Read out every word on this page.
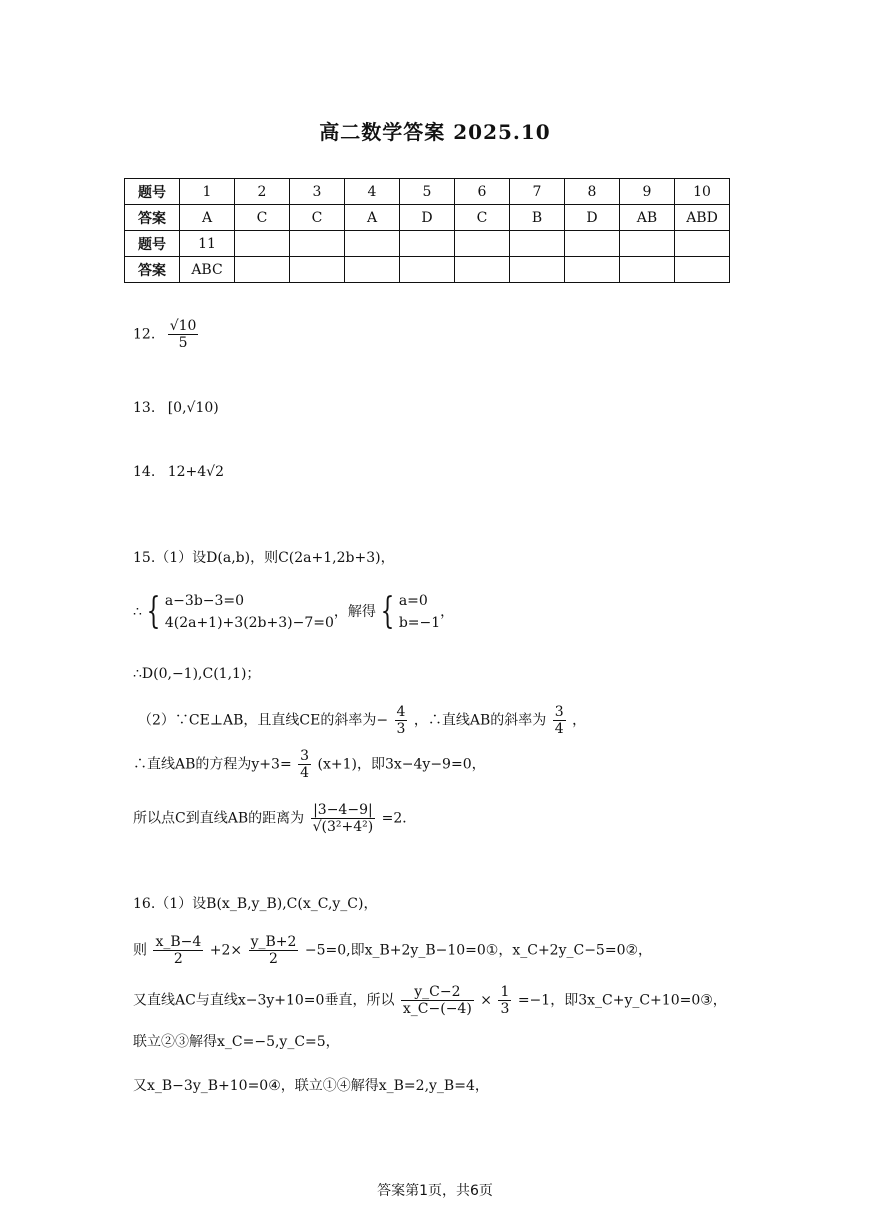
高二数学答案 2025.10
题号	1	2	3	4	5	6	7	8	9	10
答案	A	C	C	A	D	C	B	D	AB	ABD
题号	11									
答案	ABC									
12. $\frac{√10}{5}$
13. [0,√10)
14. 12+4√2
15.（1）设D(a,b)，则C(2a+1,2b+3)，
∴ { a−3b−3=0
4(2a+1)+3(2b+3)−7=0
，解得 { a=0
b=−1
，
∴D(0,−1),C(1,1)；
（2）∵CE⊥AB，且直线CE的斜率为− $\frac{4}{3}$ ，∴直线AB的斜率为 $\frac{3}{4}$ ，
∴直线AB的方程为$y+3= \frac{3}{4} (x+1)$，即3x−4y−9=0，
所以点C到直线AB的距离为 $\frac{|3-4-9|}{\text{√(3²+4²)}} =2$．
16.（1）设B(x_B,y_B),C(x_C,y_C)，
则 $\frac{x\_B-4}{2} +2\times \frac{y\_B+2}{2} -5=0$,即x_B+2y_B−10=0①，x_C+2y_C−5=0②，
又直线AC与直线x−3y+10=0垂直，所以 $\frac{y\_C-2}{x\_C-(-4)} \times \frac{1}{3} =-1$，即3x_C+y_C+10=0③，
联立②③解得x_C=−5,y_C=5，
又x_B−3y_B+10=0④，联立①④解得x_B=2,y_B=4，
答案第1页，共6页
